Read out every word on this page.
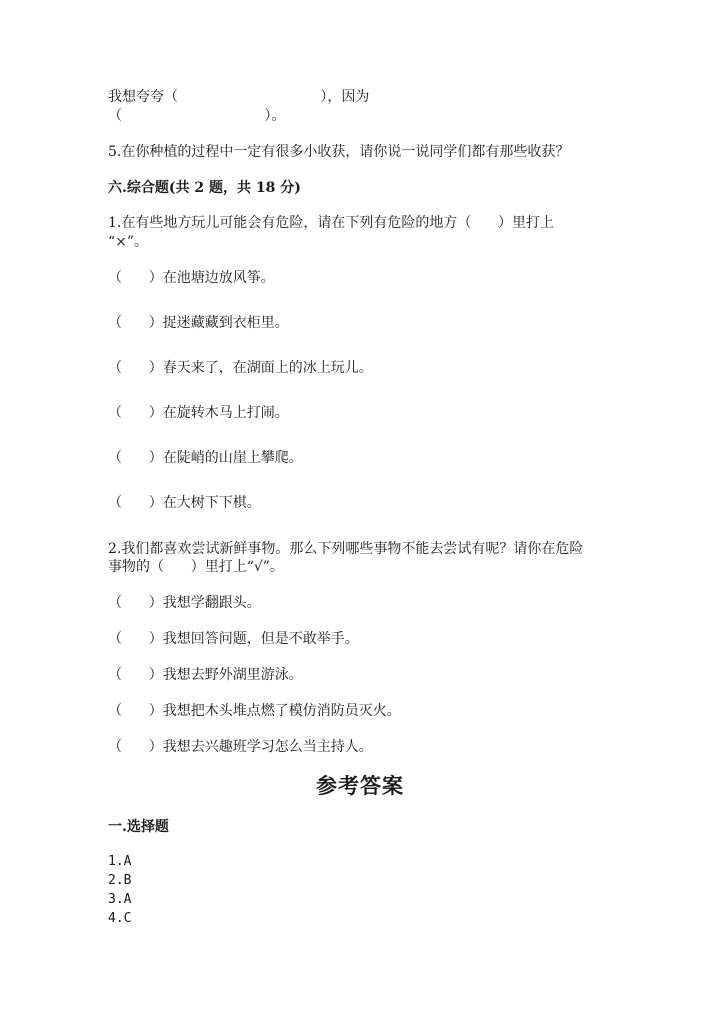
我想夸夸（                                ），因为
（                                ）。
5.在你种植的过程中一定有很多小收获，请你说一说同学们都有那些收获？
六.综合题(共 2 题，共 18 分)
1.在有些地方玩儿可能会有危险，请在下列有危险的地方（      ）里打上
“×”。
（      ）在池塘边放风筝。
（      ）捉迷藏藏到衣柜里。
（      ）春天来了，在湖面上的冰上玩儿。
（      ）在旋转木马上打闹。
（      ）在陡峭的山崖上攀爬。
（      ）在大树下下棋。
2.我们都喜欢尝试新鲜事物。那么下列哪些事物不能去尝试有呢？请你在危险
事物的（      ）里打上“√”。
（      ）我想学翻跟头。
（      ）我想回答问题，但是不敢举手。
（      ）我想去野外湖里游泳。
（      ）我想把木头堆点燃了模仿消防员灭火。
（      ）我想去兴趣班学习怎么当主持人。
参考答案
一.选择题
1.A
2.B
3.A
4.C
